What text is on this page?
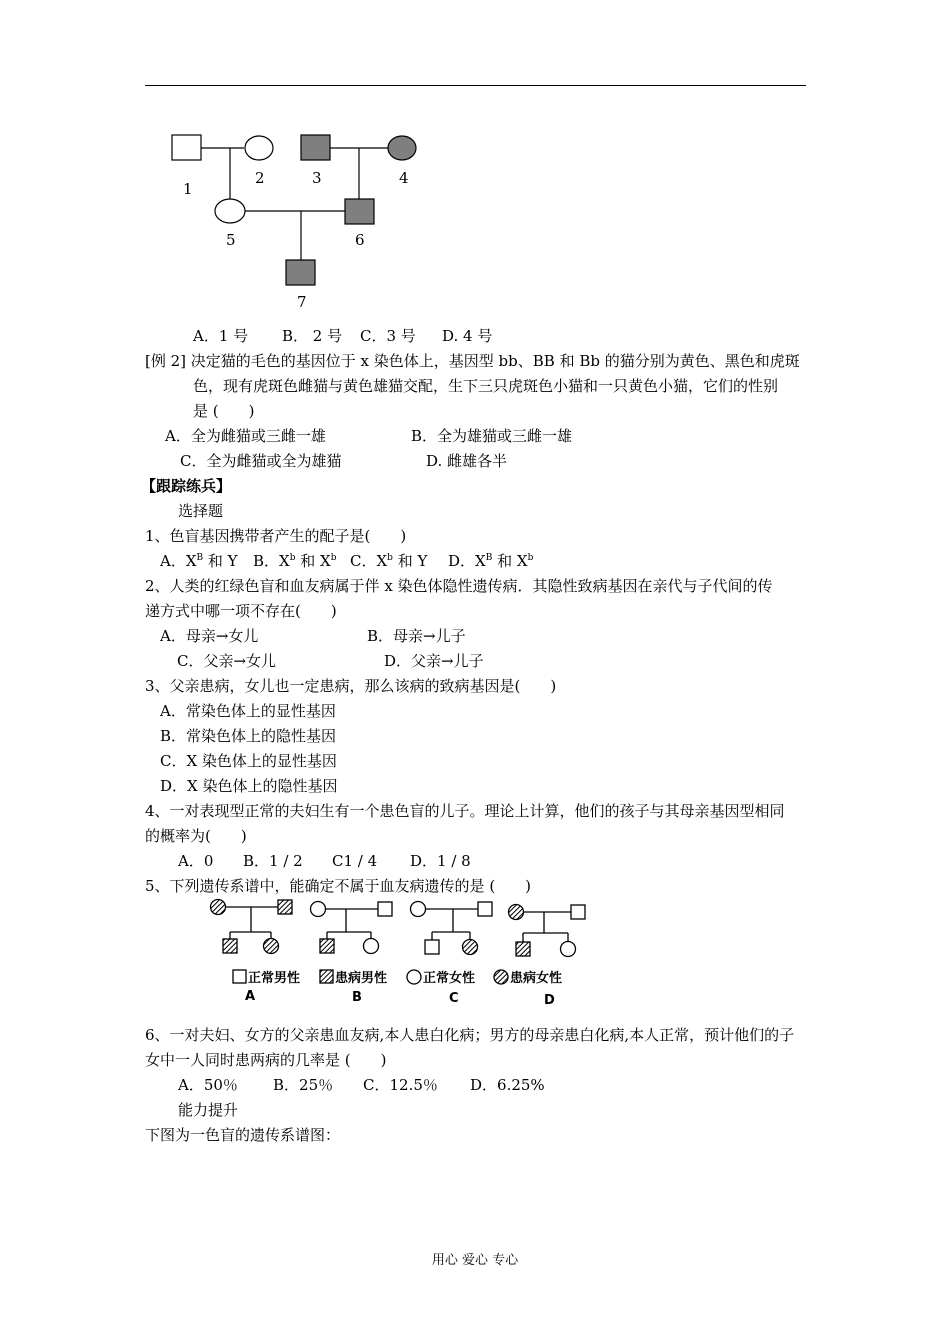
1
2	3	4
5	6
7
A．1 号 B． 2 号 C．3 号 D. 4 号
[例 2] 决定猫的毛色的基因位于 x 染色体上，基因型 bb、BB 和 Bb 的猫分别为黄色、黑色和虎斑
色，现有虎斑色雌猫与黄色雄猫交配，生下三只虎斑色小猫和一只黄色小猫，它们的性别
是 (　　)
A．全为雌猫或三雌一雄	B．全为雄猫或三雌一雄
C．全为雌猫或全为雄猫	D. 雌雄各半
【跟踪练兵】
选择题
1、色盲基因携带者产生的配子是(　　)
A．$X^B$ 和 Y B．$X^b$ 和 $X^b$ C．$X^b$ 和 Y D．$X^B$ 和 $X^b$
2、人类的红绿色盲和血友病属于伴 x 染色体隐性遗传病．其隐性致病基因在亲代与子代间的传
递方式中哪一项不存在(　　)
A．母亲→女儿	B．母亲→儿子
C．父亲→女儿	D．父亲→儿子
3、父亲患病，女儿也一定患病，那么该病的致病基因是(　　)
A．常染色体上的显性基因
B．常染色体上的隐性基因
C．X 染色体上的显性基因
D．X 染色体上的隐性基因
4、一对表现型正常的夫妇生有一个患色盲的儿子。理论上计算，他们的孩子与其母亲基因型相同
的概率为(　　)
A．0 B．1 / 2 C1 / 4 D．1 / 8
5、下列遗传系谱中，能确定不属于血友病遗传的是 (　　)
正常男性	患病男性	正常女性	患病女性
A	B	C	D
6、一对夫妇、女方的父亲患血友病,本人患白化病；男方的母亲患白化病,本人正常，预计他们的子
女中一人同时患两病的几率是 (　　)
A．50％ B．25％ C．12.5％ D．6.25%
能力提升
下图为一色盲的遗传系谱图：
用心 爱心 专心
